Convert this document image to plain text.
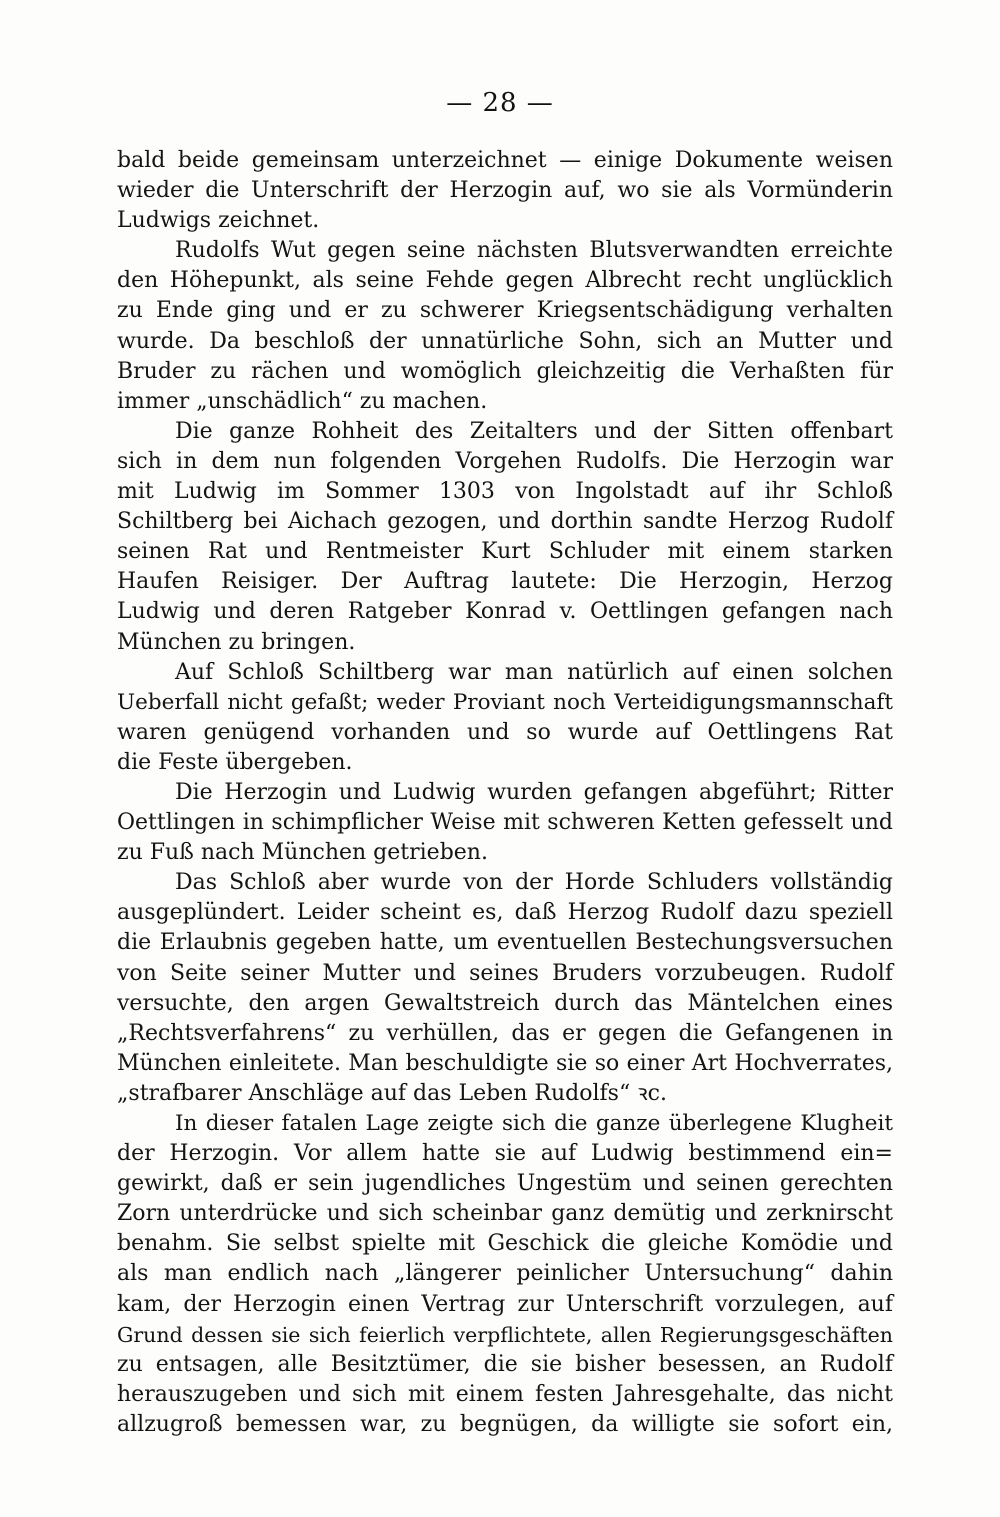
— 28 —
bald beide gemeinsam unterzeichnet — einige Dokumente weisen
wieder die Unterschrift der Herzogin auf, wo sie als Vormünderin
Ludwigs zeichnet.
Rudolfs Wut gegen seine nächsten Blutsverwandten erreichte
den Höhepunkt, als seine Fehde gegen Albrecht recht unglücklich
zu Ende ging und er zu schwerer Kriegsentschädigung verhalten
wurde. Da beschloß der unnatürliche Sohn, sich an Mutter und
Bruder zu rächen und womöglich gleichzeitig die Verhaßten für
immer „unschädlich“ zu machen.
Die ganze Rohheit des Zeitalters und der Sitten offenbart
sich in dem nun folgenden Vorgehen Rudolfs. Die Herzogin war
mit Ludwig im Sommer 1303 von Ingolstadt auf ihr Schloß
Schiltberg bei Aichach gezogen, und dorthin sandte Herzog Rudolf
seinen Rat und Rentmeister Kurt Schluder mit einem starken
Haufen Reisiger. Der Auftrag lautete: Die Herzogin, Herzog
Ludwig und deren Ratgeber Konrad v. Oettlingen gefangen nach
München zu bringen.
Auf Schloß Schiltberg war man natürlich auf einen solchen
Ueberfall nicht gefaßt; weder Proviant noch Verteidigungsmannschaft
waren genügend vorhanden und so wurde auf Oettlingens Rat
die Feste übergeben.
Die Herzogin und Ludwig wurden gefangen abgeführt; Ritter
Oettlingen in schimpflicher Weise mit schweren Ketten gefesselt und
zu Fuß nach München getrieben.
Das Schloß aber wurde von der Horde Schluders vollständig
ausgeplündert. Leider scheint es, daß Herzog Rudolf dazu speziell
die Erlaubnis gegeben hatte, um eventuellen Bestechungsversuchen
von Seite seiner Mutter und seines Bruders vorzubeugen. Rudolf
versuchte, den argen Gewaltstreich durch das Mäntelchen eines
„Rechtsverfahrens“ zu verhüllen, das er gegen die Gefangenen in
München einleitete. Man beschuldigte sie so einer Art Hochverrates,
„strafbarer Anschläge auf das Leben Rudolfs“ ꝛc.
In dieser fatalen Lage zeigte sich die ganze überlegene Klugheit
der Herzogin. Vor allem hatte sie auf Ludwig bestimmend ein=
gewirkt, daß er sein jugendliches Ungestüm und seinen gerechten
Zorn unterdrücke und sich scheinbar ganz demütig und zerknirscht
benahm. Sie selbst spielte mit Geschick die gleiche Komödie und
als man endlich nach „längerer peinlicher Untersuchung“ dahin
kam, der Herzogin einen Vertrag zur Unterschrift vorzulegen, auf
Grund dessen sie sich feierlich verpflichtete, allen Regierungsgeschäften
zu entsagen, alle Besitztümer, die sie bisher besessen, an Rudolf
herauszugeben und sich mit einem festen Jahresgehalte, das nicht
allzugroß bemessen war, zu begnügen, da willigte sie sofort ein,
